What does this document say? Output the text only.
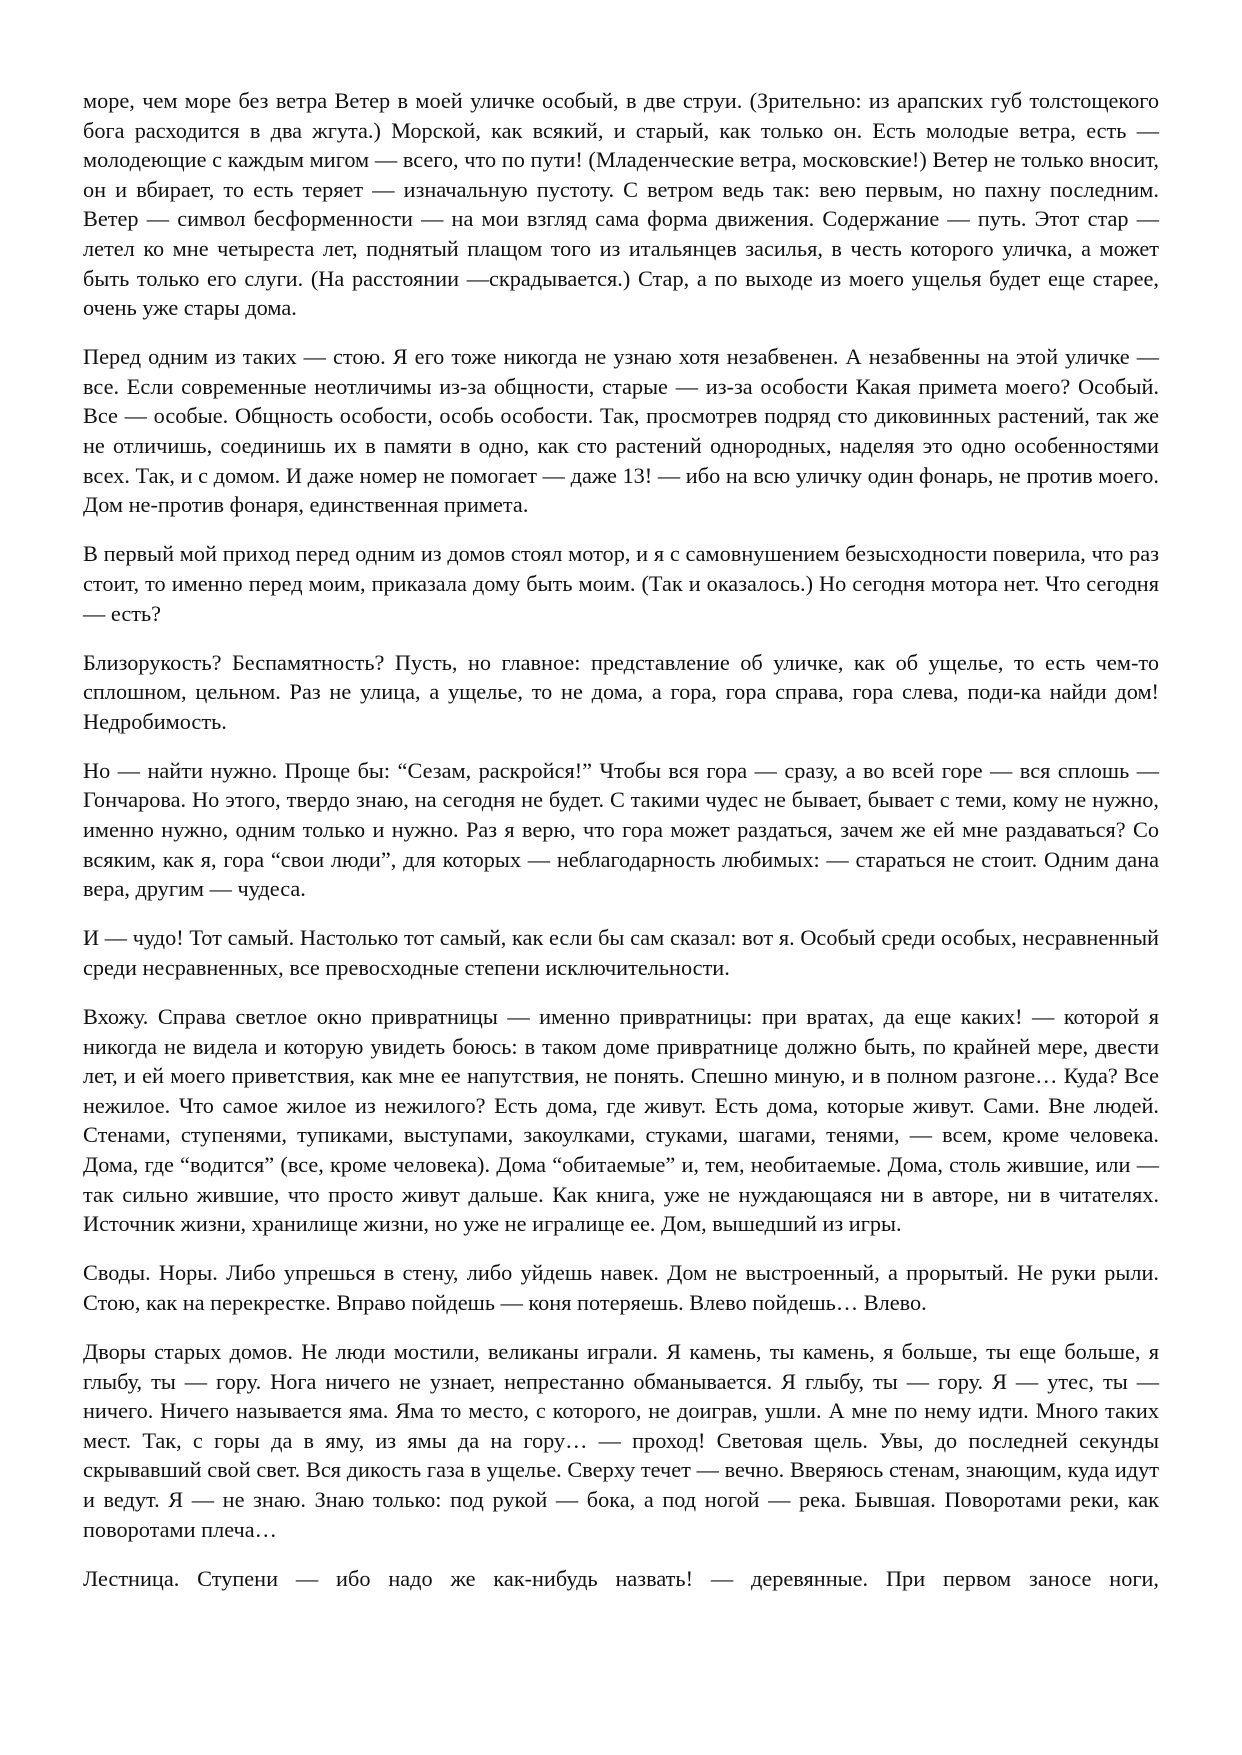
море, чем море без ветра Ветер в моей уличке особый, в две струи. (Зрительно: из арапских губ толстощекого бога расходится в два жгута.) Морской, как всякий, и старый, как только он. Есть молодые ветра, есть —молодеющие с каждым мигом — всего, что по пути! (Младенческие ветра, московские!) Ветер не только вносит, он и вбирает, то есть теряет — изначальную пустоту. С ветром ведь так: вею первым, но пахну последним. Ветер — символ бесформенности — на мои взгляд сама форма движения. Содержание — путь. Этот стар — летел ко мне четыреста лет, поднятый плащом того из итальянцев засилья, в честь которого уличка, а может быть только его слуги. (На расстоянии —скрадывается.) Стар, а по выходе из моего ущелья будет еще старее, очень уже стары дома.

Перед одним из таких — стою. Я его тоже никогда не узнаю хотя незабвенен. А незабвенны на этой уличке — все. Если современные неотличимы из-за общности, старые — из-за особости Какая примета моего? Особый. Все — особые. Общность особости, особь особости. Так, просмотрев подряд сто диковинных растений, так же не отличишь, соединишь их в памяти в одно, как сто растений однородных, наделяя это одно особенностями всех. Так, и с домом. И даже номер не помогает — даже 13! — ибо на всю уличку один фонарь, не против моего. Дом не-против фонаря, единственная примета.

В первый мой приход перед одним из домов стоял мотор, и я с самовнушением безысходности поверила, что раз стоит, то именно перед моим, приказала дому быть моим. (Так и оказалось.) Но сегодня мотора нет. Что сегодня — есть?

Близорукость? Беспамятность? Пусть, но главное: представление об уличке, как об ущелье, то есть чем-то сплошном, цельном. Раз не улица, а ущелье, то не дома, а гора, гора справа, гора слева, поди-ка найди дом! Недробимость.

Но — найти нужно. Проще бы: “Сезам, раскройся!” Чтобы вся гора — сразу, а во всей горе — вся сплошь — Гончарова. Но этого, твердо знаю, на сегодня не будет. С такими чудес не бывает, бывает с теми, кому не нужно, именно нужно, одним только и нужно. Раз я верю, что гора может раздаться, зачем же ей мне раздаваться? Со всяким, как я, гора “свои люди”, для которых — неблагодарность любимых: — стараться не стоит. Одним дана вера, другим — чудеса.

И — чудо! Тот самый. Настолько тот самый, как если бы сам сказал: вот я. Особый среди особых, несравненный среди несравненных, все превосходные степени исключительности.

Вхожу. Справа светлое окно привратницы — именно привратницы: при вратах, да еще каких! — которой я никогда не видела и которую увидеть боюсь: в таком доме привратнице должно быть, по крайней мере, двести лет, и ей моего приветствия, как мне ее напутствия, не понять. Спешно миную, и в полном разгоне… Куда? Все нежилое. Что самое жилое из нежилого? Есть дома, где живут. Есть дома, которые живут. Сами. Вне людей. Стенами, ступенями, тупиками, выступами, закоулками, стуками, шагами, тенями, — всем, кроме человека. Дома, где “водится” (все, кроме человека). Дома “обитаемые” и, тем, необитаемые. Дома, столь жившие, или — так сильно жившие, что просто живут дальше. Как книга, уже не нуждающаяся ни в авторе, ни в читателях. Источник жизни, хранилище жизни, но уже не игралище ее. Дом, вышедший из игры.

Своды. Норы. Либо упрешься в стену, либо уйдешь навек. Дом не выстроенный, а прорытый. Не руки рыли. Стою, как на перекрестке. Вправо пойдешь — коня потеряешь. Влево пойдешь… Влево.

Дворы старых домов. Не люди мостили, великаны играли. Я камень, ты камень, я больше, ты еще больше, я глыбу, ты — гору. Нога ничего не узнает, непрестанно обманывается. Я глыбу, ты — гору. Я — утес, ты — ничего. Ничего называется яма. Яма то место, с которого, не доиграв, ушли. А мне по нему идти. Много таких мест. Так, с горы да в яму, из ямы да на гору… — проход! Световая щель. Увы, до последней секунды скрывавший свой свет. Вся дикость газа в ущелье. Сверху течет — вечно. Вверяюсь стенам, знающим, куда идут и ведут. Я — не знаю. Знаю только: под рукой — бока, а под ногой — река. Бывшая. Поворотами реки, как поворотами плеча…

Лестница. Ступени — ибо надо же как-нибудь назвать! — деревянные. При первом заносе ноги,
